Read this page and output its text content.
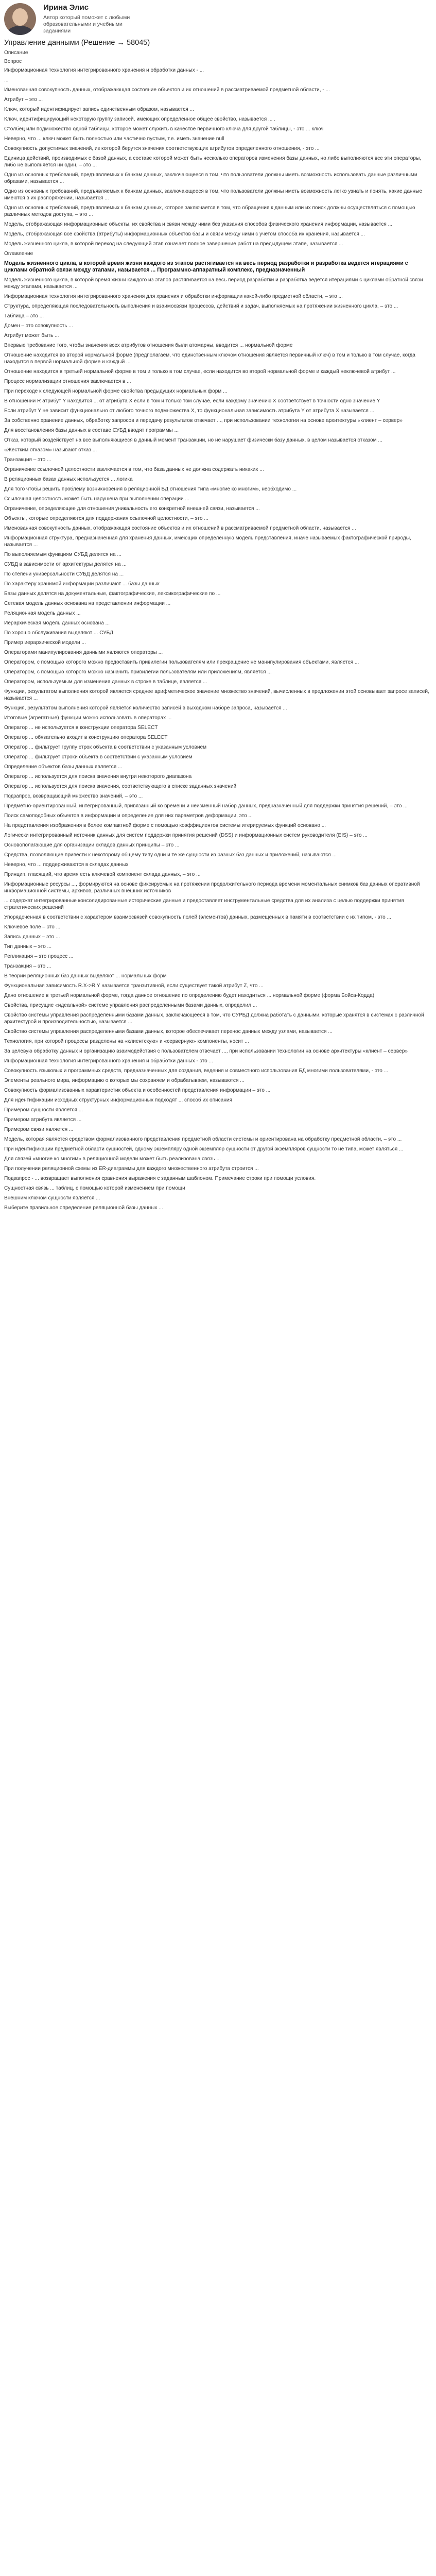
Ирина Элис
Автор который поможет с любыми образовательными и учебными заданиями
Управление данными (Решение → 58045)
Описание
Вопрос
Информационная технология интегрированного хранения и обработки данных - ...
...
Именованная совокупность данных, отображающая состояние объектов и их отношений в рассматриваемой предметной области, - ...
Атрибут – это ...
Ключ, который идентифицирует запись единственным образом, называется ...
Ключ, идентифицирующий некоторую группу записей, имеющих определенное общее свойство, называется ... .
Столбец или подмножество одной таблицы, которое может служить в качестве первичного ключа для другой таблицы, - это ... ключ
Неверно, что ... ключ может быть полностью или частично пустым, т.е. иметь значение null
Совокупность допустимых значений, из которой берутся значения соответствующих атрибутов определенного отношения, - это ...
Единица действий, производимых с базой данных, а составе которой может быть несколько операторов изменения базы данных, но либо выполняются все эти операторы, либо не выполняется ни один, – это ...
Одно из основных требований, предъявляемых к банкам данных, заключающееся в том, что пользователи должны иметь возможность использовать данные различными образами, называется ...
Одно из основных требований, предъявляемых к банкам данных, заключающееся в том, что пользователи должны иметь возможность легко узнать и понять, какие данные имеются в их распоряжении, называется ...
Одно из основных требований, предъявляемых к банкам данных, которое заключается в том, что обращения к данным или их поиск должны осуществляться с помощью различных методов доступа, – это ...
Модель, отображающая информационные объекты, их свойства и связи между ними без указания способов физического хранения информации, называется ...
Модель, отображающая все свойства (атрибуты) информационных объектов базы и связи между ними с учетом способа их хранения, называется ...
Модель жизненного цикла, в которой переход на следующий этап означает полное завершение работ на предыдущем этапе, называется ...
Оглавление
Модель жизненного цикла, в которой время жизни каждого из этапов растягивается на весь период разработки и разработка ведется итерациями с циклами обратной связи между этапами, называется ... Программно-аппаратный комплекс, предназначенный
Модель жизненного цикла, в которой время жизни каждого из этапов растягивается на весь период разработки и разработка ведется итерациями с циклами обратной связи между этапами, называется ...
Информационная технология интегрированного хранения для хранения и обработки информации какой-либо предметной области, – это ...
Структура, определяющая последовательность выполнения и взаимосвязи процессов, действий и задач, выполняемых на протяжении жизненного цикла, – это ...
Таблица – это ...
Домен – это совокупность ...
Атрибут может быть ...
Впервые требование того, чтобы значения всех атрибутов отношения были атомарны, вводится ... нормальной форме
Отношение находится во второй нормальной форме (предполагаем, что единственным ключом отношения является первичный ключ) в том и только в том случае, когда находится в первой нормальной форме и каждый ...
Отношение находится в третьей нормальной форме в том и только в том случае, если находится во второй нормальной форме и каждый неключевой атрибут ...
Процесс нормализации отношения заключается в ...
При переходе к следующей нормальной форме свойства предыдущих нормальных форм ...
В отношении R атрибут Y находится ... от атрибута X если в том и только том случае, если каждому значению X соответствует в точности одно значение Y
Если атрибут Y не зависит функционально от любого точного подмножества X, то функциональная зависимость атрибута Y от атрибута X называется ...
За собственно хранение данных, обработку запросов и передачу результатов отвечает ..., при использовании технологии на основе архитектуры «клиент – сервер»
Для восстановления базы данных в составе СУБД вводят программы ...
Отказ, который воздействует на все выполняющиеся в данный момент транзакции, но не нарушает физически базу данных, в целом называется отказом ...
«Жестким отказом» называют отказ ...
Транзакция – это ...
Ограничение ссылочной целостности заключается в том, что база данных не должна содержать никаких ...
В реляционных базах данных используется ... логика
Для того чтобы решить проблему возникновения в реляционной БД отношения типа «многие ко многим», необходимо ...
Ссылочная целостность может быть нарушена при выполнении операции ...
Ограничение, определяющее для отношения уникальность его конкретной внешней связи, называется ...
Объекты, которые определяются для поддержания ссылочной целостности, – это ...
Именованная совокупность данных, отображающая состояние объектов и их отношений в рассматриваемой предметной области, называется ...
Информационная структура, предназначенная для хранения данных, имеющих определенную модель представления, иначе называемых фактографической природы, называется ...
По выполняемым функциям СУБД делятся на ...
СУБД в зависимости от архитектуры делятся на ...
По степени универсальности СУБД делятся на ...
По характеру хранимой информации различают ... базы данных
Базы данных делятся на документальные, фактографические, лексикографические по ...
Сетевая модель данных основана на представлении информации ...
Реляционная модель данных ...
Иерархическая модель данных основана ...
По хорошо обслуживания выделяют ... СУБД
Пример иерархической модели ...
Операторами манипулирования данными являются операторы ...
Оператором, с помощью которого можно предоставить привилегии пользователям или прекращение не манипулирования объектами, является ...
Оператором, с помощью которого можно назначить привилегии пользователям или приложениям, является ...
Оператором, используемым для изменения данных в строке в таблице, является ...
Функции, результатом выполнения которой является среднее арифметическое значение множество значений, вычисленных в предложении этой основывает запросе записей, называется ...
Функция, результатом выполнения которой является количество записей в выходном наборе запроса, называется ...
Итоговые (агрегатные) функции можно использовать в операторах ...
Оператор ... не используется в конструкции оператора SELECT
Оператор ... обязательно входит в конструкцию оператора SELECT
Оператор ... фильтрует группу строк объекта в соответствии с указанным условием
Оператор ... фильтрует строки объекта в соответствии с указанным условием
Определение объектов базы данных является ...
Оператор ... используется для поиска значения внутри некоторого диапазона
Оператор ... используется для поиска значения, соответствующего в списке заданных значений
Подзапрос, возвращающий множество значений, – это ...
Предметно-ориентированный, интегрированный, привязанный ко времени и неизменный набор данных, предназначенный для поддержки принятия решений, – это ...
Поиск самоподобных объектов в информации и определение для них параметров деформации, это ...
На представления изображения в более компактной форме с помощью коэффициентов системы итерируемых функций основано ...
Логически интегрированный источник данных для систем поддержки принятия решений (DSS) и информационных систем руководителя (EIS) – это ...
Основополагающие для организации складов данных принципы – это ...
Средства, позволяющие привести к некоторому общему типу одни и те же сущности из разных баз данных и приложений, называются ...
Неверно, что ... поддерживаются в складах данных
Принцип, гласящий, что время есть ключевой компонент склада данных, – это ...
Информационные ресурсы ..., формируются на основе фиксируемых на протяжении продолжительного периода времени моментальных снимков баз данных оперативной информационной системы, архивов, различных внешних источников
... содержат интегрированные консолидированные исторические данные и предоставляет инструментальные средства для их анализа с целью поддержки принятия стратегических решений
Упорядоченная в соответствии с характером взаимосвязей совокупность полей (элементов) данных, размещенных в памяти в соответствии с их типом, - это ...
Ключевое поле – это ...
Запись данных – это ...
Тип данных – это ...
Репликация – это процесс ...
Транзакция – это ...
В теории реляционных баз данных выделяют ... нормальных форм
Функциональная зависимость R.X->R.Y называется транзитивной, если существует такой атрибут Z, что ...
Дано отношение в третьей нормальной форме, тогда данное отношение по определению будет находиться ... нормальной форме (форма Бойса-Кодда)
Свойства, присущие «идеальной» системе управления распределенными базами данных, определил ...
Свойство системы управления распределенными базами данных, заключающееся в том, что СУРБД должна работать с данными, которые хранятся в системах с различной архитектурой и производительностью, называется ...
Свойство системы управления распределенными базами данных, которое обеспечивает перенос данных между узлами, называется ...
Технология, при которой процессы разделены на «клиентскую» и «серверную» компоненты, носит ...
За целевую обработку данных и организацию взаимодействия с пользователем отвечает ..., при использовании технологии на основе архитектуры «клиент – сервер»
Информационная технология интегрированного хранения и обработки данных - это ...
Совокупность языковых и программных средств, предназначенных для создания, ведения и совместного использования БД многими пользователями, - это ...
Элементы реального мира, информацию о которых мы сохраняем и обрабатываем, называются ...
Совокупность формализованных характеристик объекта и особенностей представления информации – это ...
Для идентификации исходных структурных информационных подходят ... способ их описания
Примером сущности является ...
Примером атрибута является ...
Примером связи является ...
Модель, которая является средством формализованного представления предметной области системы и ориентирована на обработку предметной области, – это ...
При идентификации предметной области сущностей, одному экземпляру одной экземпляр сущности от другой экземпляров сущности то не типа, может являться ...
Для связей «многие ко многим» в реляционной модели может быть реализована связь ...
При получении реляционной схемы из ER-диаграммы для каждого множественного атрибута строится ...
Подзапрос - ... возвращает выполнения сравнения выражения с заданным шаблоном. Примечание строки при помощи условия.
Сущностная связь ... таблиц, с помощью которой изменением при помощи
Внешним ключом сущности является ...
Выберите правильное определение реляционной базы данных ...
